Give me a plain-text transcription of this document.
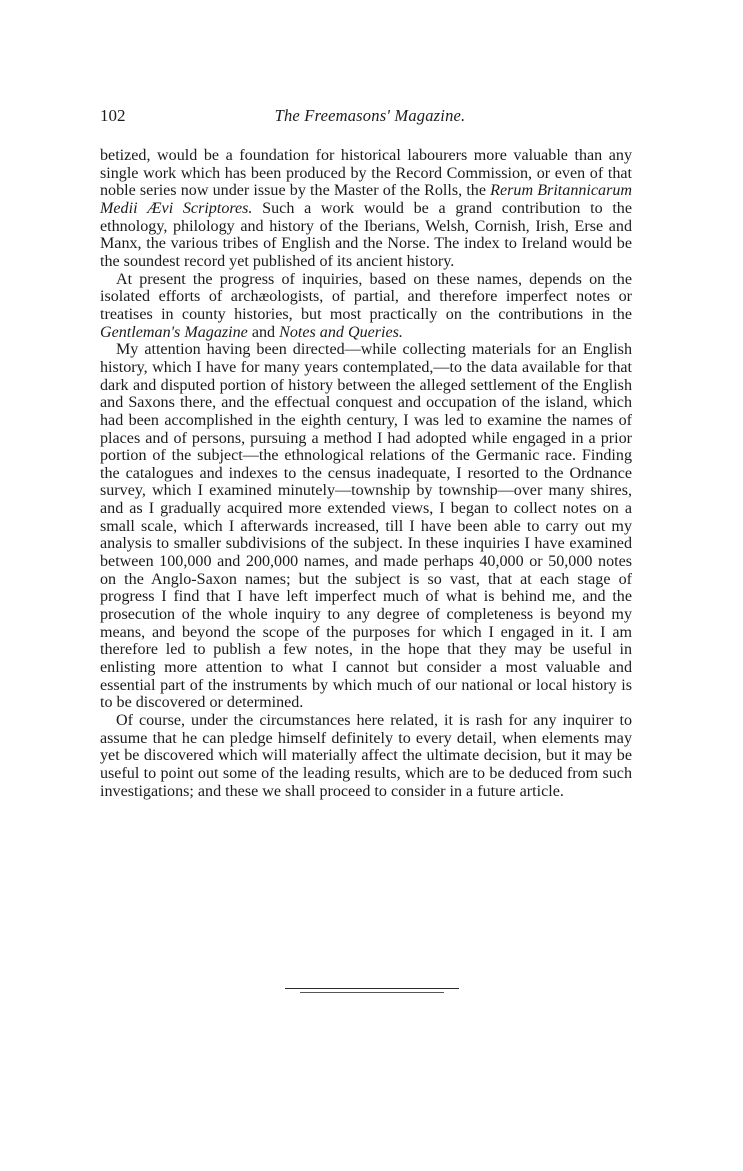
102	The Freemasons' Magazine.

betized, would be a foundation for historical labourers more valuable than any single work which has been produced by the Record Commission, or even of that noble series now under issue by the Master of the Rolls, the Rerum Britannicarum Medii Ævi Scriptores. Such a work would be a grand contribution to the ethnology, philology and history of the Iberians, Welsh, Cornish, Irish, Erse and Manx, the various tribes of English and the Norse. The index to Ireland would be the soundest record yet published of its ancient history.

At present the progress of inquiries, based on these names, depends on the isolated efforts of archæologists, of partial, and therefore imperfect notes or treatises in county histories, but most practically on the contributions in the Gentleman's Magazine and Notes and Queries.

My attention having been directed—while collecting materials for an English history, which I have for many years contemplated,—to the data available for that dark and disputed portion of history between the alleged settlement of the English and Saxons there, and the effectual conquest and occupation of the island, which had been accomplished in the eighth century, I was led to examine the names of places and of persons, pursuing a method I had adopted while engaged in a prior portion of the subject—the ethnological relations of the Germanic race. Finding the catalogues and indexes to the census inadequate, I resorted to the Ordnance survey, which I examined minutely—township by township—over many shires, and as I gradually acquired more extended views, I began to collect notes on a small scale, which I afterwards increased, till I have been able to carry out my analysis to smaller subdivisions of the subject. In these inquiries I have examined between 100,000 and 200,000 names, and made perhaps 40,000 or 50,000 notes on the Anglo-Saxon names; but the subject is so vast, that at each stage of progress I find that I have left imperfect much of what is behind me, and the prosecution of the whole inquiry to any degree of completeness is beyond my means, and beyond the scope of the purposes for which I engaged in it. I am therefore led to publish a few notes, in the hope that they may be useful in enlisting more attention to what I cannot but consider a most valuable and essential part of the instruments by which much of our national or local history is to be discovered or determined.

Of course, under the circumstances here related, it is rash for any inquirer to assume that he can pledge himself definitely to every detail, when elements may yet be discovered which will materially affect the ultimate decision, but it may be useful to point out some of the leading results, which are to be deduced from such investigations; and these we shall proceed to consider in a future article.
